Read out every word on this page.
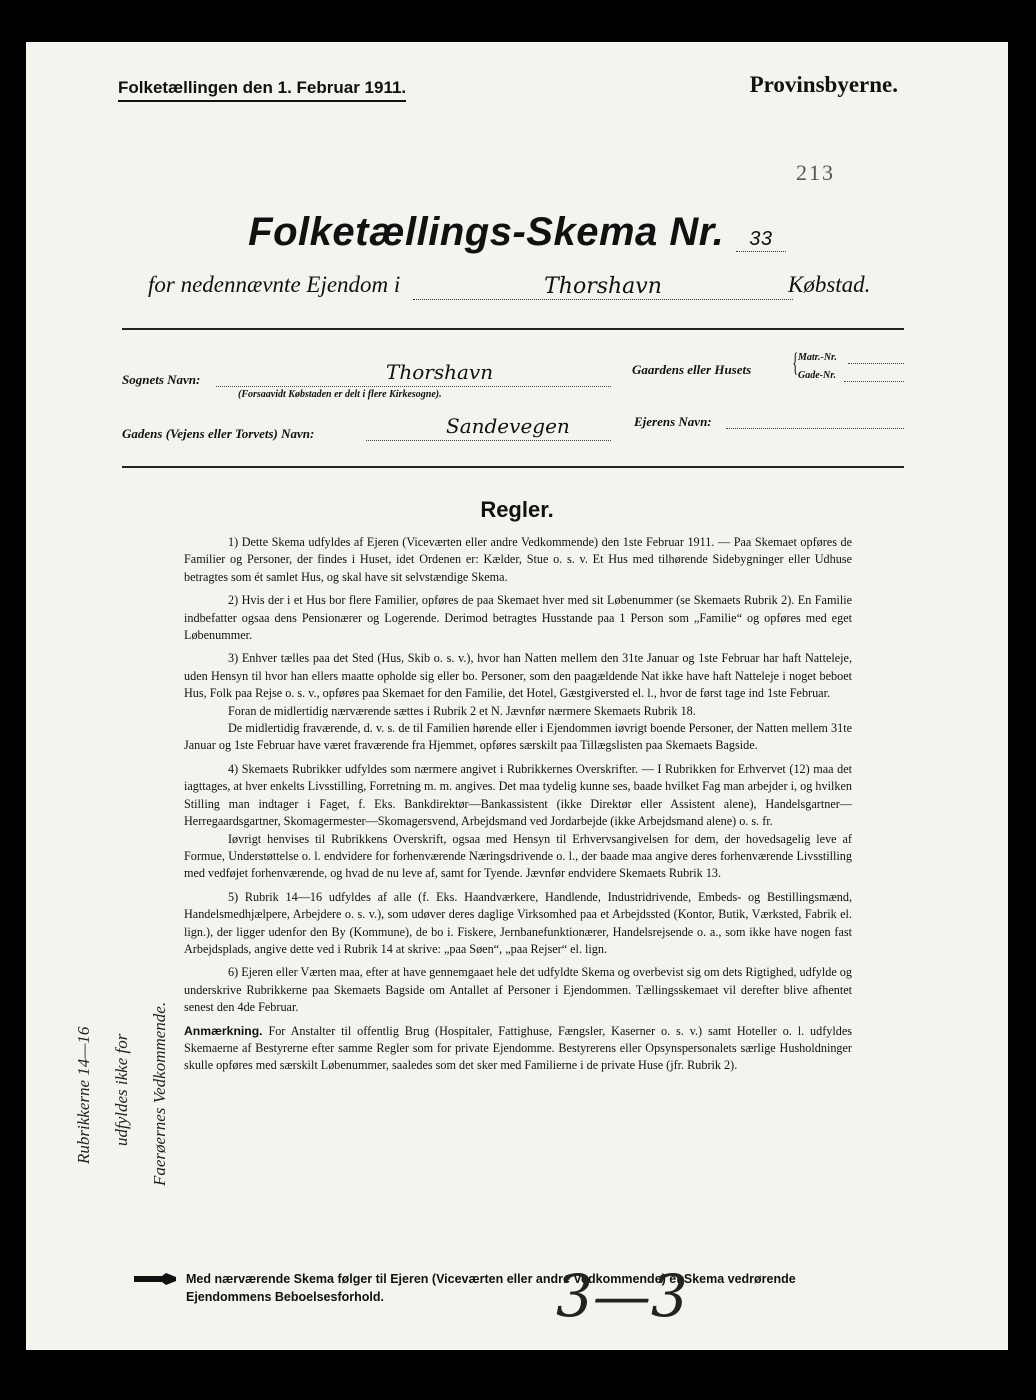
Folketællingen den 1. Februar 1911.	Provinsbyerne.
213
Folketællings-Skema Nr. 33
for nedennævnte Ejendom i	Thorshavn	Købstad.
Sognets Navn:	Thorshavn
(Forsaavidt Købstaden er delt i flere Kirkesogne).
Gaardens eller Husets { Matr.-Nr.
Gade-Nr.
Gadens (Vejens eller Torvets) Navn:	Sandevegen	Ejerens Navn:
Regler.

1) Dette Skema udfyldes af Ejeren (Viceværten eller andre Vedkommende) den 1ste Februar 1911. — Paa Skemaet opføres de Familier og Personer, der findes i Huset, idet Ordenen er: Kælder, Stue o. s. v. Et Hus med tilhørende Sidebygninger eller Udhuse betragtes som ét samlet Hus, og skal have sit selvstændige Skema.

2) Hvis der i et Hus bor flere Familier, opføres de paa Skemaet hver med sit Løbenummer (se Skemaets Rubrik 2). En Familie indbefatter ogsaa dens Pensionærer og Logerende. Derimod betragtes Husstande paa 1 Person som „Familie“ og opføres med eget Løbenummer.

3) Enhver tælles paa det Sted (Hus, Skib o. s. v.), hvor han Natten mellem den 31te Januar og 1ste Februar har haft Natteleje, uden Hensyn til hvor han ellers maatte opholde sig eller bo. Personer, som den paagældende Nat ikke have haft Natteleje i noget beboet Hus, Folk paa Rejse o. s. v., opføres paa Skemaet for den Familie, det Hotel, Gæstgiversted el. l., hvor de først tage ind 1ste Februar.

Foran de midlertidig nærværende sættes i Rubrik 2 et N. Jævnfør nærmere Skemaets Rubrik 18.

De midlertidig fraværende, d. v. s. de til Familien hørende eller i Ejendommen iøvrigt boende Personer, der Natten mellem 31te Januar og 1ste Februar have været fraværende fra Hjemmet, opføres særskilt paa Tillægslisten paa Skemaets Bagside.

4) Skemaets Rubrikker udfyldes som nærmere angivet i Rubrikkernes Overskrifter. — I Rubrikken for Erhvervet (12) maa det iagttages, at hver enkelts Livsstilling, Forretning m. m. angives. Det maa tydelig kunne ses, baade hvilket Fag man arbejder i, og hvilken Stilling man indtager i Faget, f. Eks. Bankdirektør—Bankassistent (ikke Direktør eller Assistent alene), Handelsgartner—Herregaardsgartner, Skomagermester—Skomagersvend, Arbejdsmand ved Jordarbejde (ikke Arbejdsmand alene) o. s. fr.

Iøvrigt henvises til Rubrikkens Overskrift, ogsaa med Hensyn til Erhvervsangivelsen for dem, der hovedsagelig leve af Formue, Understøttelse o. l. endvidere for forhenværende Næringsdrivende o. l., der baade maa angive deres forhenværende Livsstilling med vedføjet forhenværende, og hvad de nu leve af, samt for Tyende. Jævnfør endvidere Skemaets Rubrik 13.

5) Rubrik 14—16 udfyldes af alle (f. Eks. Haandværkere, Handlende, Industridrivende, Embeds- og Bestillingsmænd, Handelsmedhjælpere, Arbejdere o. s. v.), som udøver deres daglige Virksomhed paa et Arbejdssted (Kontor, Butik, Værksted, Fabrik el. lign.), der ligger udenfor den By (Kommune), de bo i. Fiskere, Jernbanefunktionærer, Handelsrejsende o. a., som ikke have nogen fast Arbejdsplads, angive dette ved i Rubrik 14 at skrive: „paa Søen“, „paa Rejser“ el. lign.

6) Ejeren eller Værten maa, efter at have gennemgaaet hele det udfyldte Skema og overbevist sig om dets Rigtighed, udfylde og underskrive Rubrikkerne paa Skemaets Bagside om Antallet af Personer i Ejendommen. Tællingsskemaet vil derefter blive afhentet senest den 4de Februar.

Anmærkning. For Anstalter til offentlig Brug (Hospitaler, Fattighuse, Fængsler, Kaserner o. s. v.) samt Hoteller o. l. udfyldes Skemaerne af Bestyrerne efter samme Regler som for private Ejendomme. Bestyrerens eller Opsynspersonalets særlige Husholdninger skulle opføres med særskilt Løbenummer, saaledes som det sker med Familierne i de private Huse (jfr. Rubrik 2).

Rubrikkerne 14—16 udfyldes ikke for Faerøernes Vedkommende.
Med nærværende Skema følger til Ejeren (Viceværten eller andre Vedkommende) et Skema vedrørende Ejendommens Beboelsesforhold.	3—3
